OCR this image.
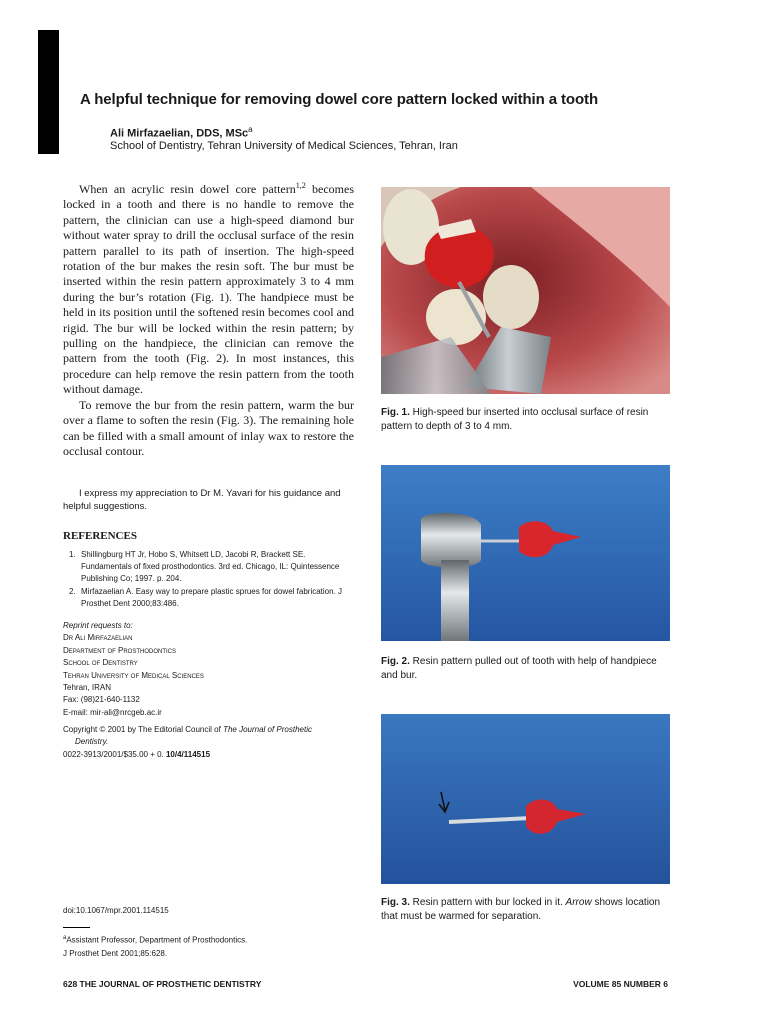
A helpful technique for removing dowel core pattern locked within a tooth
Ali Mirfazaelian, DDS, MSc$^a$
School of Dentistry, Tehran University of Medical Sciences, Tehran, Iran

When an acrylic resin dowel core pattern$^{1,2}$ becomes locked in a tooth and there is no handle to remove the pattern, the clinician can use a high-speed diamond bur without water spray to drill the occlusal surface of the resin pattern parallel to its path of insertion. The high-speed rotation of the bur makes the resin soft. The bur must be inserted within the resin pattern approximately 3 to 4 mm during the bur’s rotation (Fig. 1). The handpiece must be held in its position until the softened resin becomes cool and rigid. The bur will be locked within the resin pattern; by pulling on the handpiece, the clinician can remove the pattern from the tooth (Fig. 2). In most instances, this procedure can help remove the resin pattern from the tooth without damage.

To remove the bur from the resin pattern, warm the bur over a flame to soften the resin (Fig. 3). The remaining hole can be filled with a small amount of inlay wax to restore the occlusal contour.

I express my appreciation to Dr M. Yavari for his guidance and helpful suggestions.

REFERENCES
1. Shillingburg HT Jr, Hobo S, Whitsett LD, Jacobi R, Brackett SE. Fundamentals of fixed prosthodontics. 3rd ed. Chicago, IL: Quintessence Publishing Co; 1997. p. 204.
2. Mirfazaelian A. Easy way to prepare plastic sprues for dowel fabrication. J Prosthet Dent 2000;83:486.
Reprint requests to:
Dr Ali Mirfazaelian
Department of Prosthodontics
School of Dentistry
Tehran University of Medical Sciences
Tehran, IRAN
Fax: (98)21-640-1132
E-mail: mir-ali@nrcgeb.ac.ir
Copyright © 2001 by The Editorial Council of The Journal of Prosthetic
Dentistry.
0022-3913/2001/$35.00 + 0. 10/4/114515
doi:10.1067/mpr.2001.114515
$^a$Assistant Professor, Department of Prosthodontics.
J Prosthet Dent 2001;85:628.
Fig. 1. High-speed bur inserted into occlusal surface of resin pattern to depth of 3 to 4 mm.
Fig. 2. Resin pattern pulled out of tooth with help of handpiece and bur.
Fig. 3. Resin pattern with bur locked in it. Arrow shows location that must be warmed for separation.
628 THE JOURNAL OF PROSTHETIC DENTISTRY	VOLUME 85 NUMBER 6
